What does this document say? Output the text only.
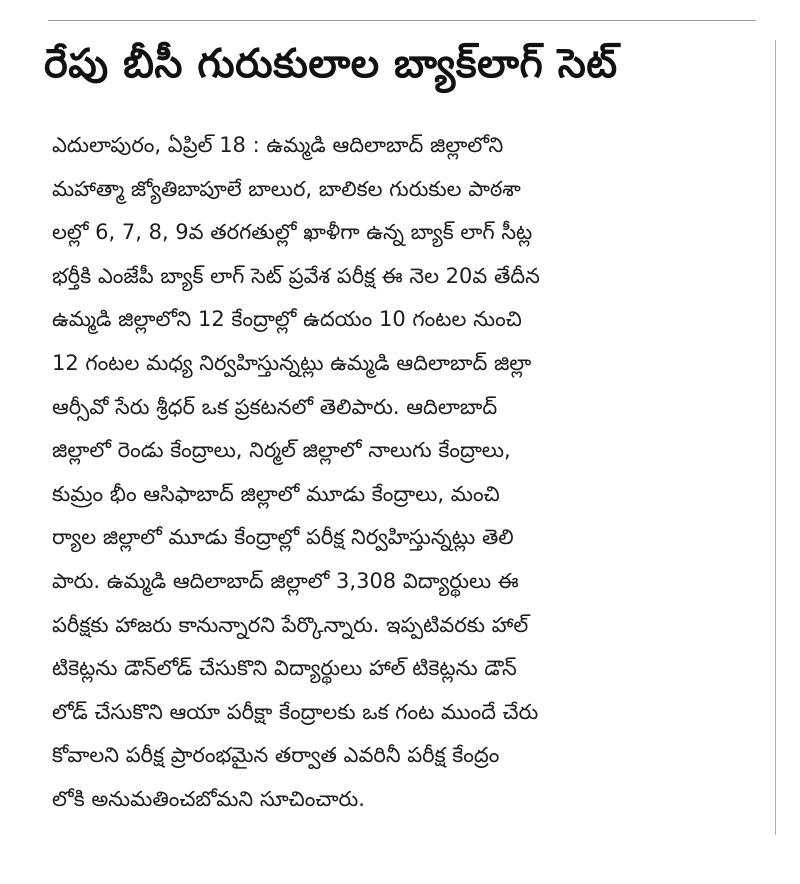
రేపు బీసీ గురుకులాల బ్యాక్‌లాగ్ సెట్
ఎదులాపురం, ఏప్రిల్ 18 : ఉమ్మడి ఆదిలాబాద్ జిల్లాలోని
మహాత్మా జ్యోతిబాపూలే బాలుర, బాలికల గురుకుల పాఠశా
లల్లో 6, 7, 8, 9వ తరగతుల్లో ఖాళీగా ఉన్న బ్యాక్ లాగ్ సీట్ల
భర్తీకి ఎంజేపీ బ్యాక్ లాగ్ సెట్ ప్రవేశ పరీక్ష ఈ నెల 20వ తేదీన
ఉమ్మడి జిల్లాలోని 12 కేంద్రాల్లో ఉదయం 10 గంటల నుంచి
12 గంటల మధ్య నిర్వహిస్తున్నట్లు ఉమ్మడి ఆదిలాబాద్ జిల్లా
ఆర్సీవో సేరు శ్రీధర్ ఒక ప్రకటనలో తెలిపారు. ఆదిలాబాద్
జిల్లాలో రెండు కేంద్రాలు, నిర్మల్ జిల్లాలో నాలుగు కేంద్రాలు,
కుమ్రం భీం ఆసిఫాబాద్ జిల్లాలో మూడు కేంద్రాలు, మంచి
ర్యాల జిల్లాలో మూడు కేంద్రాల్లో పరీక్ష నిర్వహిస్తున్నట్లు తెలి
పారు. ఉమ్మడి ఆదిలాబాద్ జిల్లాలో 3,308 విద్యార్థులు ఈ
పరీక్షకు హాజరు కానున్నారని పేర్కొన్నారు. ఇప్పటివరకు హాల్
టికెట్లను డౌన్‌లోడ్ చేసుకొని విద్యార్థులు హాల్ టికెట్లను డౌన్
లోడ్ చేసుకొని ఆయా పరీక్షా కేంద్రాలకు ఒక గంట ముందే చేరు
కోవాలని పరీక్ష ప్రారంభమైన తర్వాత ఎవరినీ పరీక్ష కేంద్రం
లోకి అనుమతించబోమని సూచించారు.
